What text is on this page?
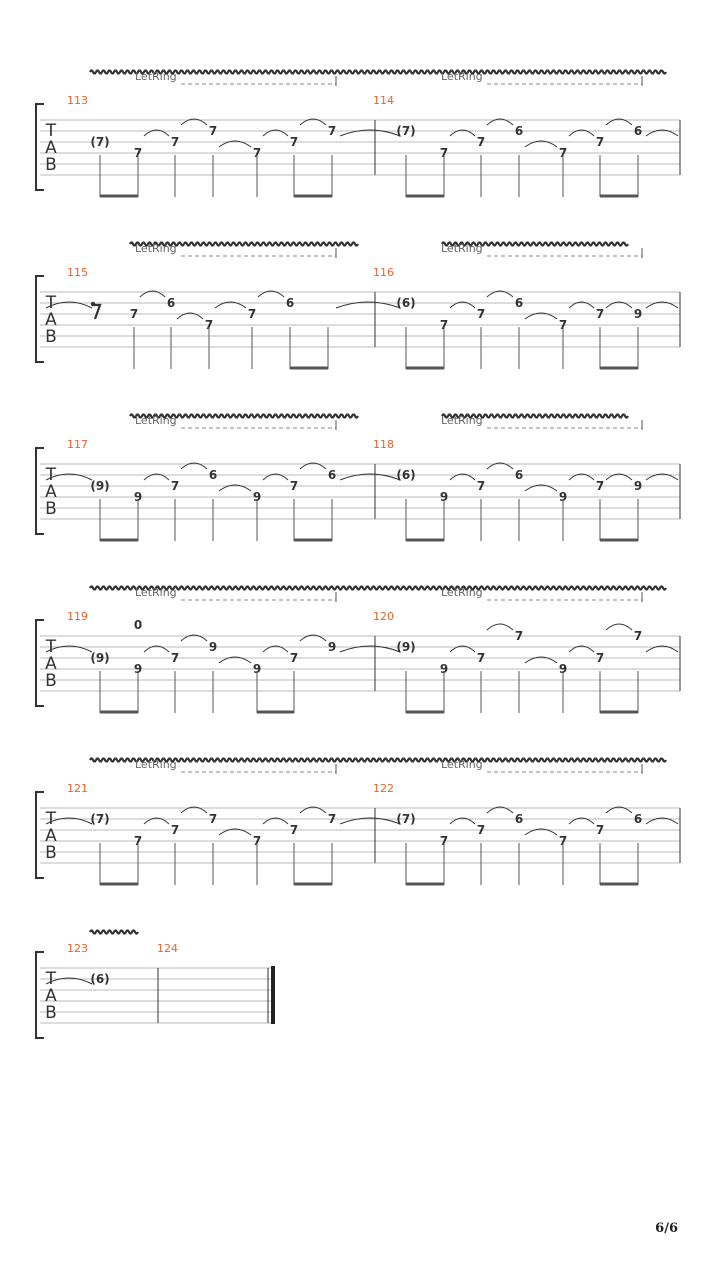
T
A
B
LetRing	LetRing
113
(7)
7
7
7
7
7
7
114
(7)
7
7
6
7
7
6
T
A
B
LetRing	LetRing
115
7
6
7
7
6
116
(6)
7
7
6
7
7 9
T
A
B
LetRing	LetRing
117
(9)
9
7
6
9
7
6
118
(6)
9
7
6
9
7 9
T
A
B
LetRing	LetRing
119
(9)
9
0
7
9
9
7
9
120
(9)
9
7
7
9
7
7
T
A
B
LetRing	LetRing
121
(7)
7
7
7
7
7
7
122
(7)
7
7
6
7
7
6
T
A
B
123
(6)
124
6/6
